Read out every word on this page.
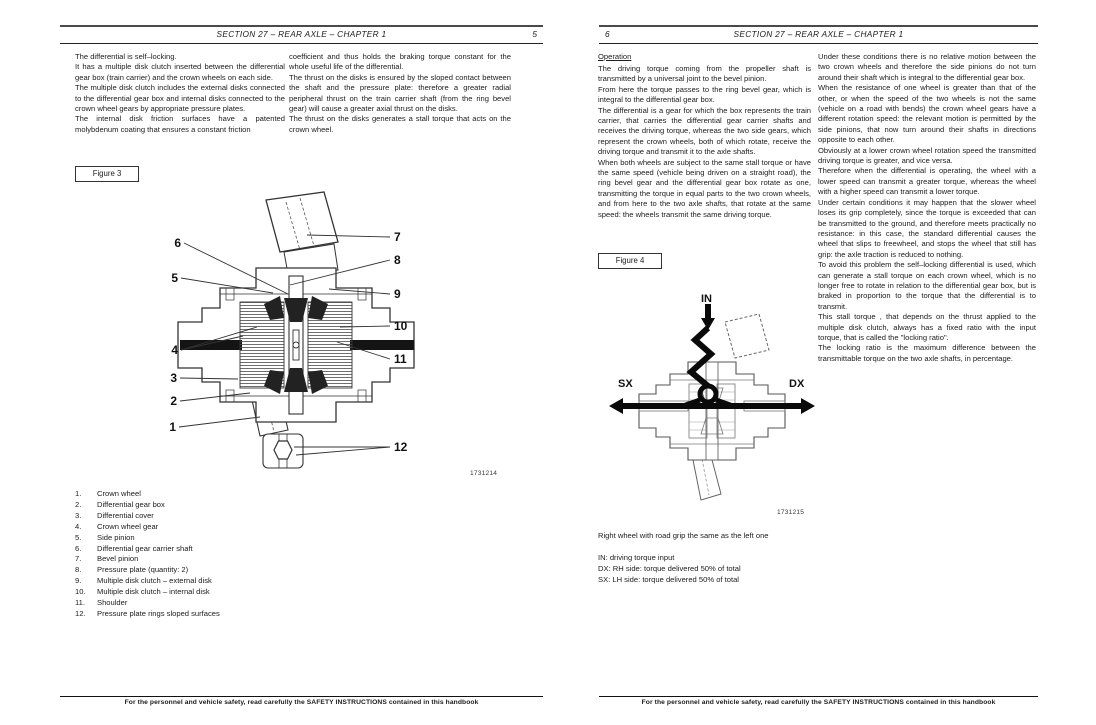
SECTION 27 – REAR AXLE – CHAPTER 1	5

The differential is self–locking.

It has a multiple disk clutch inserted between the differential gear box (train carrier) and the crown wheels on each side.

The multiple disk clutch includes the external disks connected to the differential gear box and internal disks connected to the crown wheel gears by appropriate pressure plates.

The internal disk friction surfaces have a patented molybdenum coating that ensures a constant friction

Figure 3

coefficient and thus holds the braking torque constant for the whole useful life of the differential.

The thrust on the disks is ensured by the sloped contact between the shaft and the pressure plate: therefore a greater radial peripheral thrust on the train carrier shaft (from the ring bevel gear) will cause a greater axial thrust on the disks.

The thrust on the disks generates a stall torque that acts on the crown wheel.

6
5
4
3
2
1
7
8
9
10
11
12
1731214
1. Crown wheel
2. Differential gear box
3. Differential cover
4. Crown wheel gear
5. Side pinion
6. Differential gear carrier shaft
7. Bevel pinion
8. Pressure plate (quantity: 2)
9. Multiple disk clutch – external disk
10. Multiple disk clutch – internal disk
11. Shoulder
12. Pressure plate rings sloped surfaces
For the personnel and vehicle safety, read carefully the SAFETY INSTRUCTIONS contained in this handbook
6	SECTION 27 – REAR AXLE – CHAPTER 1
Operation

The driving torque coming from the propeller shaft is transmitted by a universal joint to the bevel pinion.

From here the torque passes to the ring bevel gear, which is integral to the differential gear box.

The differential is a gear for which the box represents the train carrier, that carries the differential gear carrier shafts and receives the driving torque, whereas the two side gears, which represent the crown wheels, both of which rotate, receive the driving torque and transmit it to the axle shafts.

When both wheels are subject to the same stall torque or have the same speed (vehicle being driven on a straight road), the ring bevel gear and the differential gear box rotate as one, transmitting the torque in equal parts to the two crown wheels, and from here to the two axle shafts, that rotate at the same speed: the wheels transmit the same driving torque.

Figure 4
IN
SX	DX
1731215
Right wheel with road grip the same as the left one
IN: driving torque input
DX: RH side: torque delivered 50% of total
SX: LH side: torque delivered 50% of total

Under these conditions there is no relative motion between the two crown wheels and therefore the side pinions do not turn around their shaft which is integral to the differential gear box.

When the resistance of one wheel is greater than that of the other, or when the speed of the two wheels is not the same (vehicle on a road with bends) the crown wheel gears have a different rotation speed: the relevant motion is permitted by the side pinions, that now turn around their shafts in directions opposite to each other.

Obviously at a lower crown wheel rotation speed the transmitted driving torque is greater, and vice versa.

Therefore when the differential is operating, the wheel with a lower speed can transmit a greater torque, whereas the wheel with a higher speed can transmit a lower torque.

Under certain conditions it may happen that the slower wheel loses its grip completely, since the torque is exceeded that can be transmitted to the ground, and therefore meets practically no resistance: in this case, the standard differential causes the wheel that slips to freewheel, and stops the wheel that still has grip: the axle traction is reduced to nothing.

To avoid this problem the self–locking differential is used, which can generate a stall torque on each crown wheel, which is no longer free to rotate in relation to the differential gear box, but is braked in proportion to the torque that the differential is to transmit.

This stall torque , that depends on the thrust applied to the multiple disk clutch, always has a fixed ratio with the input torque, that is called the "locking ratio".

The locking ratio is the maximum difference between the transmittable torque on the two axle shafts, in percentage.

For the personnel and vehicle safety, read carefully the SAFETY INSTRUCTIONS contained in this handbook
